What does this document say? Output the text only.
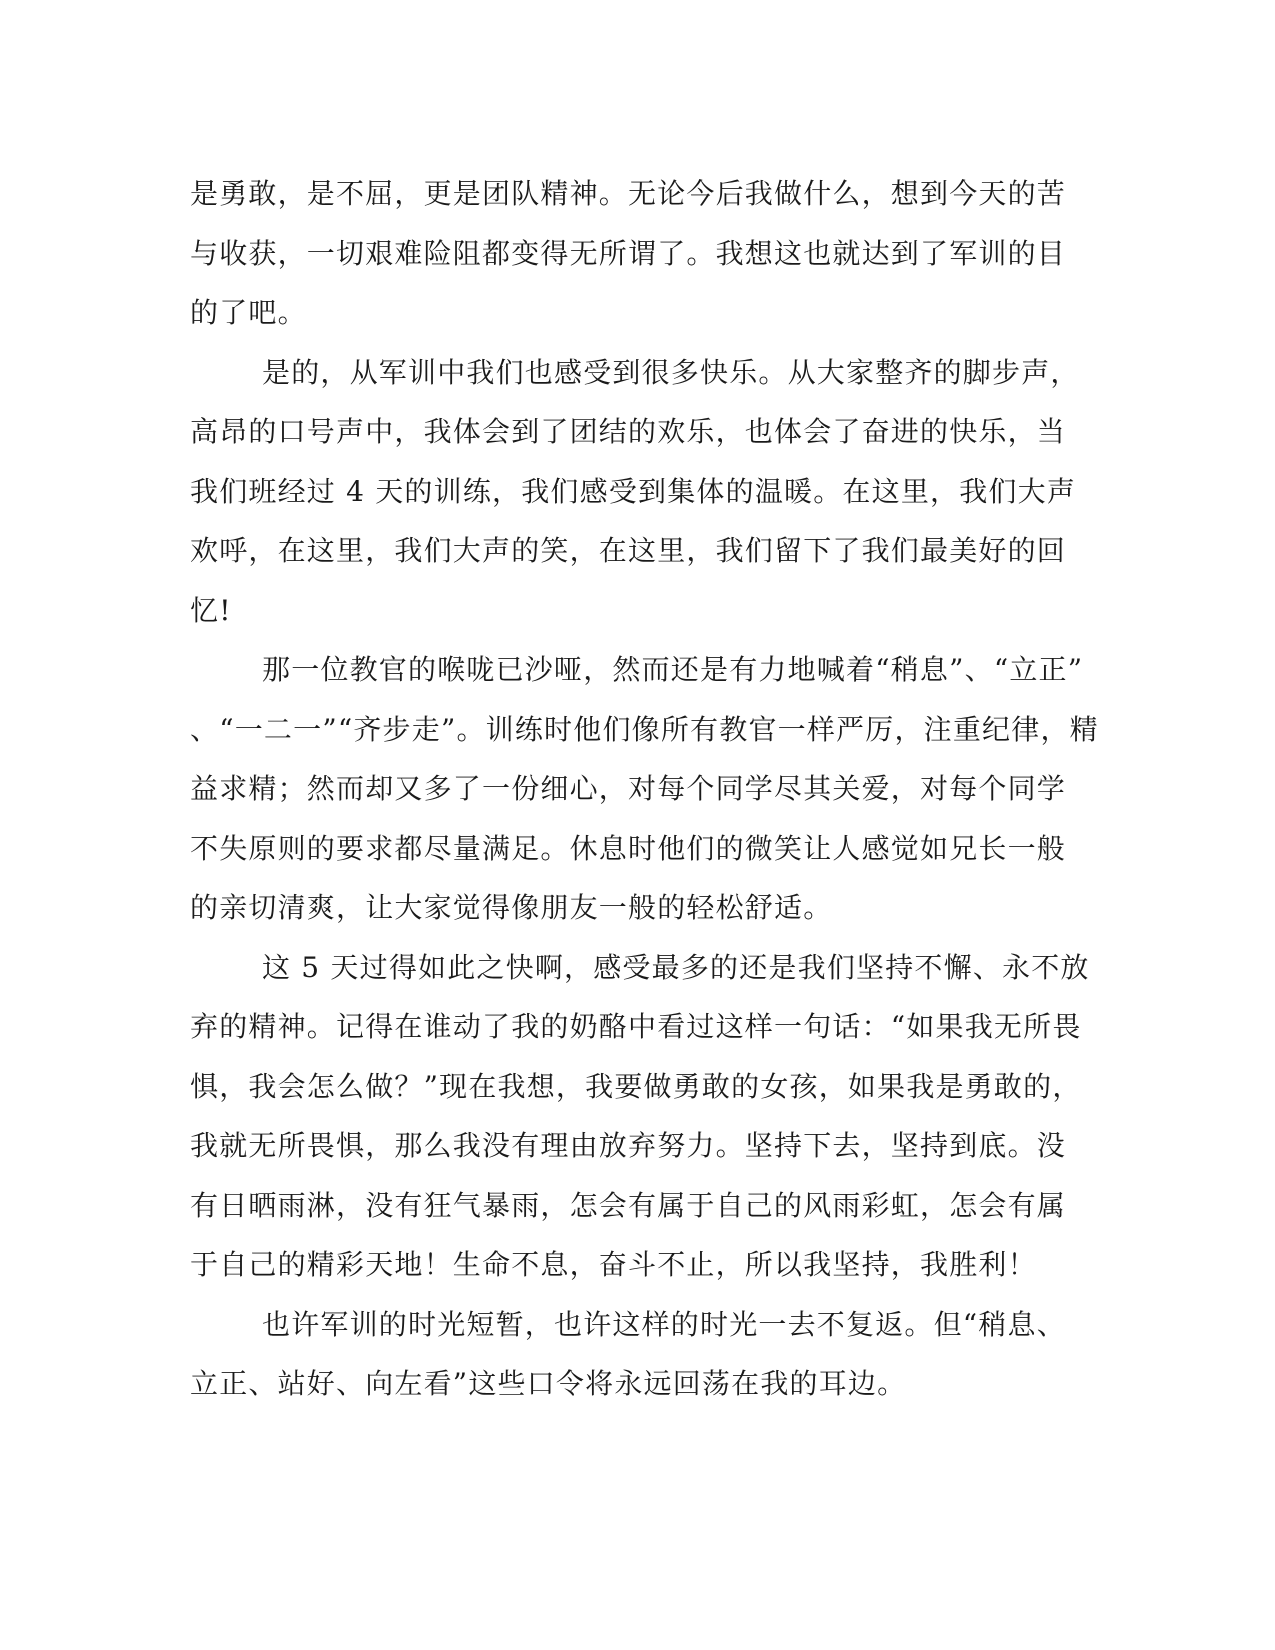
是勇敢，是不屈，更是团队精神。无论今后我做什么，想到今天的苦
与收获，一切艰难险阻都变得无所谓了。我想这也就达到了军训的目
的了吧。
是的，从军训中我们也感受到很多快乐。从大家整齐的脚步声，
高昂的口号声中，我体会到了团结的欢乐，也体会了奋进的快乐，当
我们班经过 4 天的训练，我们感受到集体的温暖。在这里，我们大声
欢呼，在这里，我们大声的笑，在这里，我们留下了我们最美好的回
忆!
那一位教官的喉咙已沙哑，然而还是有力地喊着“稍息”、“立正”
、“一二一”“齐步走”。训练时他们像所有教官一样严厉，注重纪律，精
益求精；然而却又多了一份细心，对每个同学尽其关爱，对每个同学
不失原则的要求都尽量满足。休息时他们的微笑让人感觉如兄长一般
的亲切清爽，让大家觉得像朋友一般的轻松舒适。
这 5 天过得如此之快啊，感受最多的还是我们坚持不懈、永不放
弃的精神。记得在谁动了我的奶酪中看过这样一句话：“如果我无所畏
惧，我会怎么做？”现在我想，我要做勇敢的女孩，如果我是勇敢的，
我就无所畏惧，那么我没有理由放弃努力。坚持下去，坚持到底。没
有日晒雨淋，没有狂气暴雨，怎会有属于自己的风雨彩虹，怎会有属
于自己的精彩天地！生命不息，奋斗不止，所以我坚持，我胜利！
也许军训的时光短暂，也许这样的时光一去不复返。但“稍息、
立正、站好、向左看”这些口令将永远回荡在我的耳边。
